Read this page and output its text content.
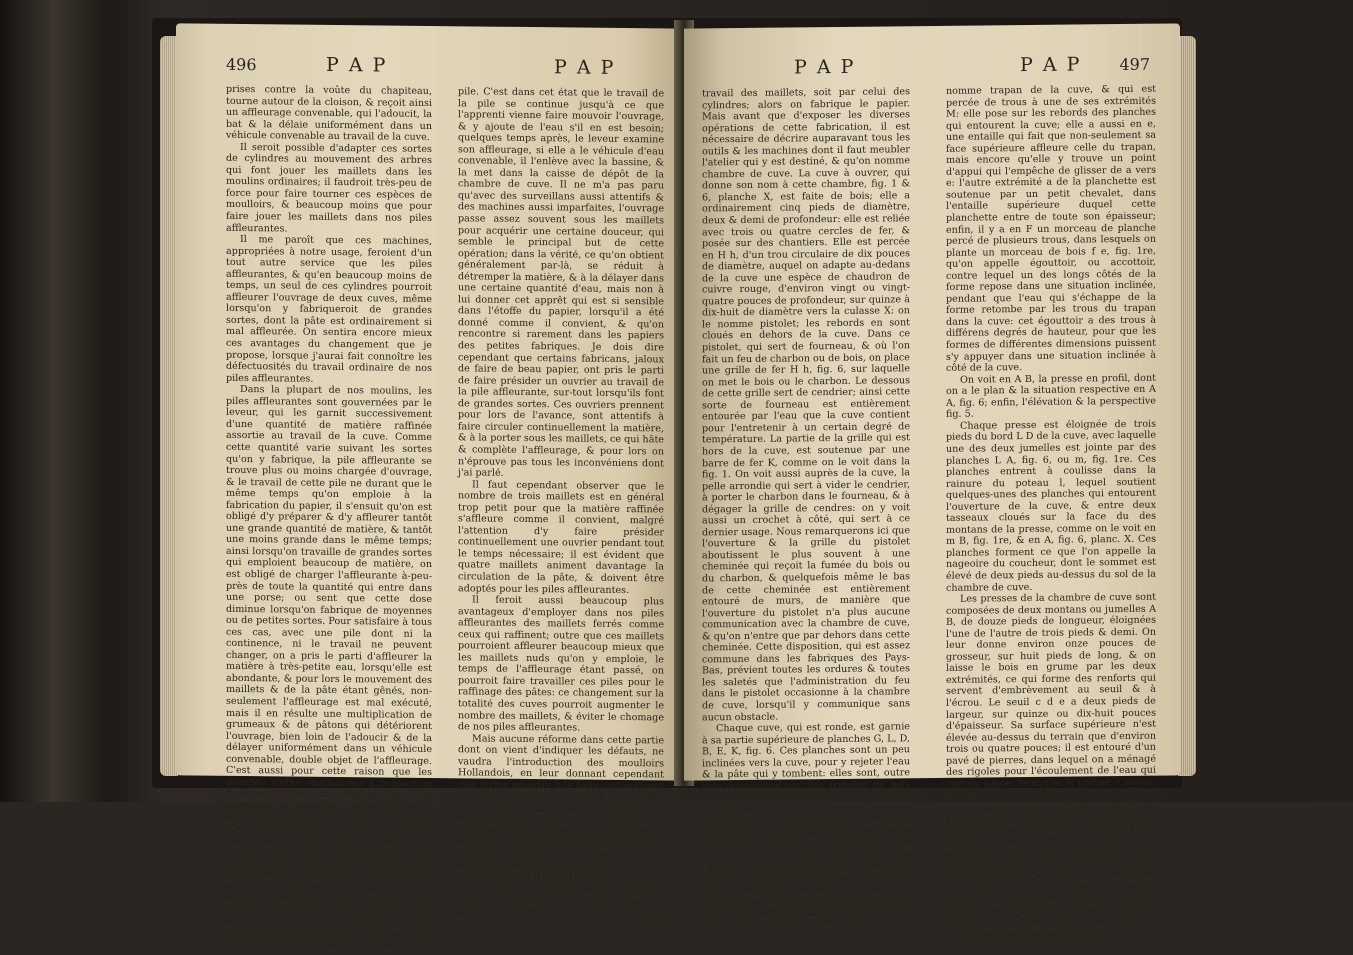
496	P A P	P A P

prises contre la voûte du chapiteau, tourne autour de la cloison, & reçoit ainsi un affleurage convenable, qui l'adoucit, la bat & la délaie uniformément dans un véhicule convenable au travail de la cuve.

Il seroit possible d'adapter ces sortes de cylindres au mouvement des arbres qui font jouer les maillets dans les moulins ordinaires; il faudroit très-peu de force pour faire tourner ces espèces de moulloirs, & beaucoup moins que pour faire jouer les maillets dans nos piles affleurantes.

Il me paroît que ces machines, appropriées à notre usage, feroient d'un tout autre service que les piles affleurantes, & qu'en beaucoup moins de temps, un seul de ces cylindres pourroit affleurer l'ouvrage de deux cuves, même lorsqu'on y fabriqueroit de grandes sortes, dont la pâte est ordinairement si mal affleurée. On sentira encore mieux ces avantages du changement que je propose, lorsque j'aurai fait connoître les défectuosités du travail ordinaire de nos piles affleurantes.

Dans la plupart de nos moulins, les piles affleurantes sont gouvernées par le leveur, qui les garnit successivement d'une quantité de matière raffinée assortie au travail de la cuve. Comme cette quantité varie suivant les sortes qu'on y fabrique, la pile affleurante se trouve plus ou moins chargée d'ouvrage, & le travail de cette pile ne durant que le même temps qu'on emploie à la fabrication du papier, il s'ensuit qu'on est obligé d'y préparer & d'y affleurer tantôt une grande quantité de matière, & tantôt une moins grande dans le même temps; ainsi lorsqu'on travaille de grandes sortes qui emploient beaucoup de matière, on est obligé de charger l'affleurante à-peu-près de toute la quantité qui entre dans une porse; ou sent que cette dose diminue lorsqu'on fabrique de moyennes ou de petites sortes. Pour satisfaire à tous ces cas, avec une pile dont ni la continence, ni le travail ne peuvent changer, on a pris le parti d'affleurer la matière à très-petite eau, lorsqu'elle est abondante, & pour lors le mouvement des maillets & de la pâte étant gênés, non-seulement l'affleurage est mal exécuté, mais il en résulte une multiplication de grumeaux & de pâtons qui détériorent l'ouvrage, bien loin de l'adoucir & de la délayer uniformément dans un véhicule convenable, double objet de l'affleurage. C'est aussi pour cette raison que les grandes sortes contiennent à proportion beaucoup plus de pâtons que les moyennes & les petites, & que leur grain est dur, inégal & plein d'aspérités, & cela n'est pas étonnant; car dans le travail ordinaire de l'affleurante, le leveur la charge d'une pâte raffinée en gros matons à sec, qu'il détrempe assez grossièrement dans une ou deux bassines d'eau, puis mettant en jeu les maillets, & poussant la matière tout autour, il en favorise comme il peut la circulation; enfin, il ouvre la fontanelle pour augmenter insensiblement l'eau, & aider les mouvemens de la pâte dans la

pile. C'est dans cet état que le travail de la pile se continue jusqu'à ce que l'apprenti vienne faire mouvoir l'ouvrage, & y ajoute de l'eau s'il en est besoin; quelques temps après, le leveur examine son affleurage, si elle a le véhicule d'eau convenable, il l'enlève avec la bassine, & la met dans la caisse de dépôt de la chambre de cuve. Il ne m'a pas paru qu'avec des surveillans aussi attentifs & des machines aussi imparfaites, l'ouvrage passe assez souvent sous les maillets pour acquérir une certaine douceur, qui semble le principal but de cette opération; dans la vérité, ce qu'on obtient généralement par-là, se réduit à détremper la matière, & à la délayer dans une certaine quantité d'eau, mais non à lui donner cet apprêt qui est si sensible dans l'étoffe du papier, lorsqu'il a été donné comme il convient, & qu'on rencontre si rarement dans les papiers des petites fabriques. Je dois dire cependant que certains fabricans, jaloux de faire de beau papier, ont pris le parti de faire présider un ouvrier au travail de la pile affleurante, sur-tout lorsqu'ils font de grandes sortes. Ces ouvriers prennent pour lors de l'avance, sont attentifs à faire circuler continuellement la matière, & à la porter sous les maillets, ce qui hâte & complète l'affleurage, & pour lors on n'éprouve pas tous les inconvéniens dont j'ai parlé.

Il faut cependant observer que le nombre de trois maillets est en général trop petit pour que la matière raffinée s'affleure comme il convient, malgré l'attention d'y faire présider continuellement une ouvrier pendant tout le temps nécessaire; il est évident que quatre maillets animent davantage la circulation de la pâte, & doivent être adoptés pour les piles affleurantes.

Il feroit aussi beaucoup plus avantageux d'employer dans nos piles affleurantes des maillets ferrés comme ceux qui raffinent; outre que ces maillets pourroient affleurer beaucoup mieux que les maillets nuds qu'on y emploie, le temps de l'affleurage étant passé, on pourroit faire travailler ces piles pour le raffinage des pâtes: ce changement sur la totalité des cuves pourroit augmenter le nombre des maillets, & éviter le chomage de nos piles affleurantes.

Mais aucune réforme dans cette partie dont on vient d'indiquer les défauts, ne vaudra l'introduction des moulloirs Hollandois, en leur donnant cependant une forme assortie à la force qui pourroit les faire mouvoir. J'insiste sur cette réforme, parce que je suis convaincu que cette addition faite à nos moulins à maillets, produiroit une amélioration dans nos pâtes. Amélioration dont l'examen de la plupart de nos papiers, même les plus soignés, démontre la nécessité.

CHAMBRE DE CUVE.

Lorsque la matière dont doit être formé le papier est à son point de perfection, soit par le

travail

P A P	P A P 497

travail des maillets, soit par celui des cylindres; alors on fabrique le papier. Mais avant que d'exposer les diverses opérations de cette fabrication, il est nécessaire de décrire auparavant tous les outils & les machines dont il faut meubler l'atelier qui y est destiné, & qu'on nomme chambre de cuve. La cuve à ouvrer, qui donne son nom à cette chambre, fig. 1 & 6, planche X, est faite de bois; elle a ordinairement cinq pieds de diamètre, deux & demi de profondeur: elle est reliée avec trois ou quatre cercles de fer, & posée sur des chantiers. Elle est percée en H h, d'un trou circulaire de dix pouces de diamètre, auquel on adapte au-dedans de la cuve une espèce de chaudron de cuivre rouge, d'environ vingt ou vingt-quatre pouces de profondeur, sur quinze à dix-huit de diamètre vers la culasse X: on le nomme pistolet; les rebords en sont cloués en dehors de la cuve. Dans ce pistolet, qui sert de fourneau, & où l'on fait un feu de charbon ou de bois, on place une grille de fer H h, fig. 6, sur laquelle on met le bois ou le charbon. Le dessous de cette grille sert de cendrier; ainsi cette sorte de fourneau est entièrement entourée par l'eau que la cuve contient pour l'entretenir à un certain degré de température. La partie de la grille qui est hors de la cuve, est soutenue par une barre de fer K, comme on le voit dans la fig. 1. On voit aussi auprès de la cuve, la pelle arrondie qui sert à vider le cendrier, à porter le charbon dans le fourneau, & à dégager la grille de cendres: on y voit aussi un crochet à côté, qui sert à ce dernier usage. Nous remarquerons ici que l'ouverture & la grille du pistolet aboutissent le plus souvent à une cheminée qui reçoit la fumée du bois ou du charbon, & quelquefois même le bas de cette cheminée est entièrement entouré de murs, de manière que l'ouverture du pistolet n'a plus aucune communication avec la chambre de cuve, & qu'on n'entre que par dehors dans cette cheminée. Cette disposition, qui est assez commune dans les fabriques des Pays-Bas, prévient toutes les ordures & toutes les saletés que l'administration du feu dans le pistolet occasionne à la chambre de cuve, lorsqu'il y communique sans aucun obstacle.

Chaque cuve, qui est ronde, est garnie à sa partie supérieure de planches G, L, D, B, E, K, fig. 6. Ces planches sont un peu inclinées vers la cuve, pour y rejeter l'eau & la pâte qui y tombent: elles sont, outre cela, rebordées par des tringles de bois qui empêchent la matière de se répandre au dehors. La place B, où se met l'ouvrier, est appelée la nageoire; elle a environ vingt pouces de largeur, & les côtés environ six pouces de profondeur; les planches qui forment cette espèce de caisse, descendent jusqu'au pavé: leur sommet doit se trouver un peu plus haut que la ceinture de l'ouvrier, fig. 1re. L'ouverture de la cuve est traversée par une planche M d, qu'on

Arts & Métiers. Tom. V. Part. II.

nomme trapan de la cuve, & qui est percée de trous à une de ses extrémités M: elle pose sur les rebords des planches qui entourent la cuve; elle a aussi en e, une entaille qui fait que non-seulement sa face supérieure affleure celle du trapan, mais encore qu'elle y trouve un point d'appui qui l'empêche de glisser de a vers e: l'autre extrémité a de la planchette est soutenue par un petit chevalet, dans l'entaille supérieure duquel cette planchette entre de toute son épaisseur; enfin, il y a en F un morceau de planche percé de plusieurs trous, dans lesquels on plante un morceau de bois f e, fig. 1re, qu'on appelle égouttoir, ou accottoir, contre lequel un des longs côtés de la forme repose dans une situation inclinée, pendant que l'eau qui s'échappe de la forme retombe par les trous du trapan dans la cuve: cet égouttoir a des trous à différens degrés de hauteur, pour que les formes de différentes dimensions puissent s'y appuyer dans une situation inclinée à côté de la cuve.

On voit en A B, la presse en profil, dont on a le plan & la situation respective en A A, fig. 6; enfin, l'élévation & la perspective fig. 5.

Chaque presse est éloignée de trois pieds du bord L D de la cuve, avec laquelle une des deux jumelles est jointe par des planches L A, fig. 6, ou m, fig. 1re. Ces planches entrent à coulisse dans la rainure du poteau l, lequel soutient quelques-unes des planches qui entourent l'ouverture de la cuve, & entre deux tasseaux cloués sur la face du des montans de la presse, comme on le voit en m B, fig. 1re, & en A, fig. 6, planc. X. Ces planches forment ce que l'on appelle la nageoire du coucheur, dont le sommet est élevé de deux pieds au-dessus du sol de la chambre de cuve.

Les presses de la chambre de cuve sont composées de deux montans ou jumelles A B, de douze pieds de longueur, éloignées l'une de l'autre de trois pieds & demi. On leur donne environ onze pouces de grosseur, sur huit pieds de long, & on laisse le bois en grume par les deux extrémités, ce qui forme des renforts qui servent d'embrèvement au seuil & à l'écrou. Le seuil c d e a deux pieds de largeur, sur quinze ou dix-huit pouces d'épaisseur. Sa surface supérieure n'est élevée au-dessus du terrain que d'environ trois ou quatre pouces; il est entouré d'un pavé de pierres, dans lequel on a ménagé des rigoles pour l'écoulement de l'eau qui sort du papier lorsqu'on le presse. L'écrou, de bois d'orme, a cinq pieds quatre pouces de longueur, sur dix-huit pouces de grosseur; il est assemblé avec les jumelles par le moyen de tenons à renfort & de boulons à vis C D. Aux faces intérieures opposées des deux jumelles, sont pratiquées deux rainures, dont on peut voir le plan fig. 6 en A A: ces rainures reçoivent les tenons du plateau ou banc de presse G H, suspendu à la tête de la vis P X, par un boulon de fer qu'on appelle moine, dont la tête appuie sous la planche N sur laquelle, lors de la pression,

R r r
